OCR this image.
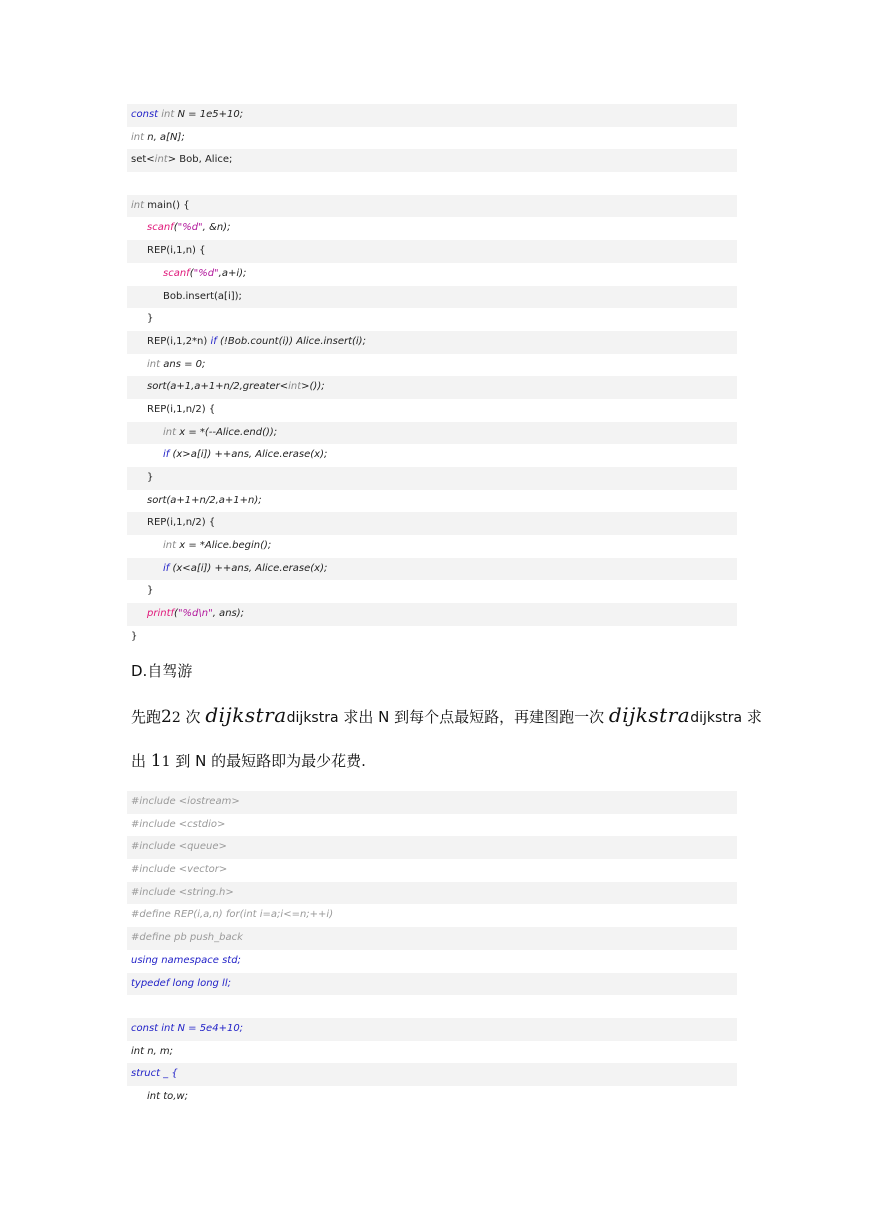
const int N = 1e5+10;
int n, a[N];
set<int> Bob, Alice;
int main() {
scanf("%d", &n);
REP(i,1,n) {
scanf("%d",a+i);
Bob.insert(a[i]);
}
REP(i,1,2*n) if (!Bob.count(i)) Alice.insert(i);
int ans = 0;
sort(a+1,a+1+n/2,greater<int>());
REP(i,1,n/2) {
int x = *(--Alice.end());
if (x>a[i]) ++ans, Alice.erase(x);
}
sort(a+1+n/2,a+1+n);
REP(i,1,n/2) {
int x = *Alice.begin();
if (x<a[i]) ++ans, Alice.erase(x);
}
printf("%d\n", ans);
}
D.自驾游
先跑22 次 dijkstradijkstra 求出 N 到每个点最短路，再建图跑一次 dijkstradijkstra 求
出 11 到 N 的最短路即为最少花费.
#include <iostream>
#include <cstdio>
#include <queue>
#include <vector>
#include <string.h>
#define REP(i,a,n) for(int i=a;i<=n;++i)
#define pb push_back
using namespace std;
typedef long long ll;
const int N = 5e4+10;
int n, m;
struct _ {
int to,w;
